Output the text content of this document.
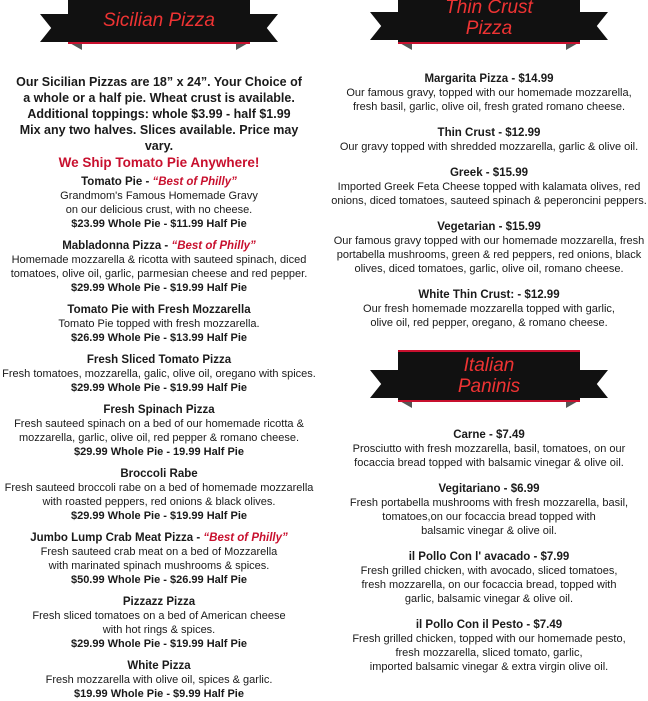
Sicilian Pizza
Our Sicilian Pizzas are 18” x 24”. Your Choice of
a whole or a half pie. Wheat crust is available.
Additional toppings: whole $3.99 - half $1.99
Mix any two halves. Slices available. Price may vary.
We Ship Tomato Pie Anywhere!
Tomato Pie - “Best of Philly”
Grandmom's Famous Homemade Gravy
on our delicious crust, with no cheese.
$23.99 Whole Pie - $11.99 Half Pie
Mabladonna Pizza - “Best of Philly”
Homemade mozzarella & ricotta with sauteed spinach, diced
tomatoes, olive oil, garlic, parmesian cheese and red pepper.
$29.99 Whole Pie - $19.99 Half Pie
Tomato Pie with Fresh Mozzarella
Tomato Pie topped with fresh mozzarella.
$26.99 Whole Pie - $13.99 Half Pie
Fresh Sliced Tomato Pizza
Fresh tomatoes, mozzarella, galic, olive oil, oregano with spices.
$29.99 Whole Pie - $19.99 Half Pie
Fresh Spinach Pizza
Fresh sauteed spinach on a bed of our homemade ricotta &
mozzarella, garlic, olive oil, red pepper & romano cheese.
$29.99 Whole Pie - 19.99 Half Pie
Broccoli Rabe
Fresh sauteed broccoli rabe on a bed of homemade mozzarella
with roasted peppers, red onions & black olives.
$29.99 Whole Pie - $19.99 Half Pie
Jumbo Lump Crab Meat Pizza - “Best of Philly”
Fresh sauteed crab meat on a bed of Mozzarella
with marinated spinach mushrooms & spices.
$50.99 Whole Pie - $26.99 Half Pie
Pizzazz Pizza
Fresh sliced tomatoes on a bed of American cheese
with hot rings & spices.
$29.99 Whole Pie - $19.99 Half Pie
White Pizza
Fresh mozzarella with olive oil, spices & garlic.
$19.99 Whole Pie - $9.99 Half Pie
Thin Crust
Pizza
Margarita Pizza - $14.99
Our famous gravy, topped with our homemade mozzarella,
fresh basil, garlic, olive oil, fresh grated romano cheese.
Thin Crust - $12.99
Our gravy topped with shredded mozzarella, garlic & olive oil.
Greek - $15.99
Imported Greek Feta Cheese topped with kalamata olives, red
onions, diced tomatoes, sauteed spinach & peperoncini peppers.
Vegetarian - $15.99
Our famous gravy topped with our homemade mozzarella, fresh
portabella mushrooms, green & red peppers, red onions, black
olives, diced tomatoes, garlic, olive oil, romano cheese.
White Thin Crust: - $12.99
Our fresh homemade mozzarella topped with garlic,
olive oil, red pepper, oregano, & romano cheese.
Italian
Paninis
Carne - $7.49
Prosciutto with fresh mozzarella, basil, tomatoes, on our
focaccia bread topped with balsamic vinegar & olive oil.
Vegitariano - $6.99
Fresh portabella mushrooms with fresh mozzarella, basil,
tomatoes,on our focaccia bread topped with
balsamic vinegar & olive oil.
il Pollo Con l' avacado - $7.99
Fresh grilled chicken, with avocado, sliced tomatoes,
fresh mozzarella, on our focaccia bread, topped with
garlic, balsamic vinegar & olive oil.
il Pollo Con il Pesto - $7.49
Fresh grilled chicken, topped with our homemade pesto,
fresh mozzarella, sliced tomato, garlic,
imported balsamic vinegar & extra virgin olive oil.
